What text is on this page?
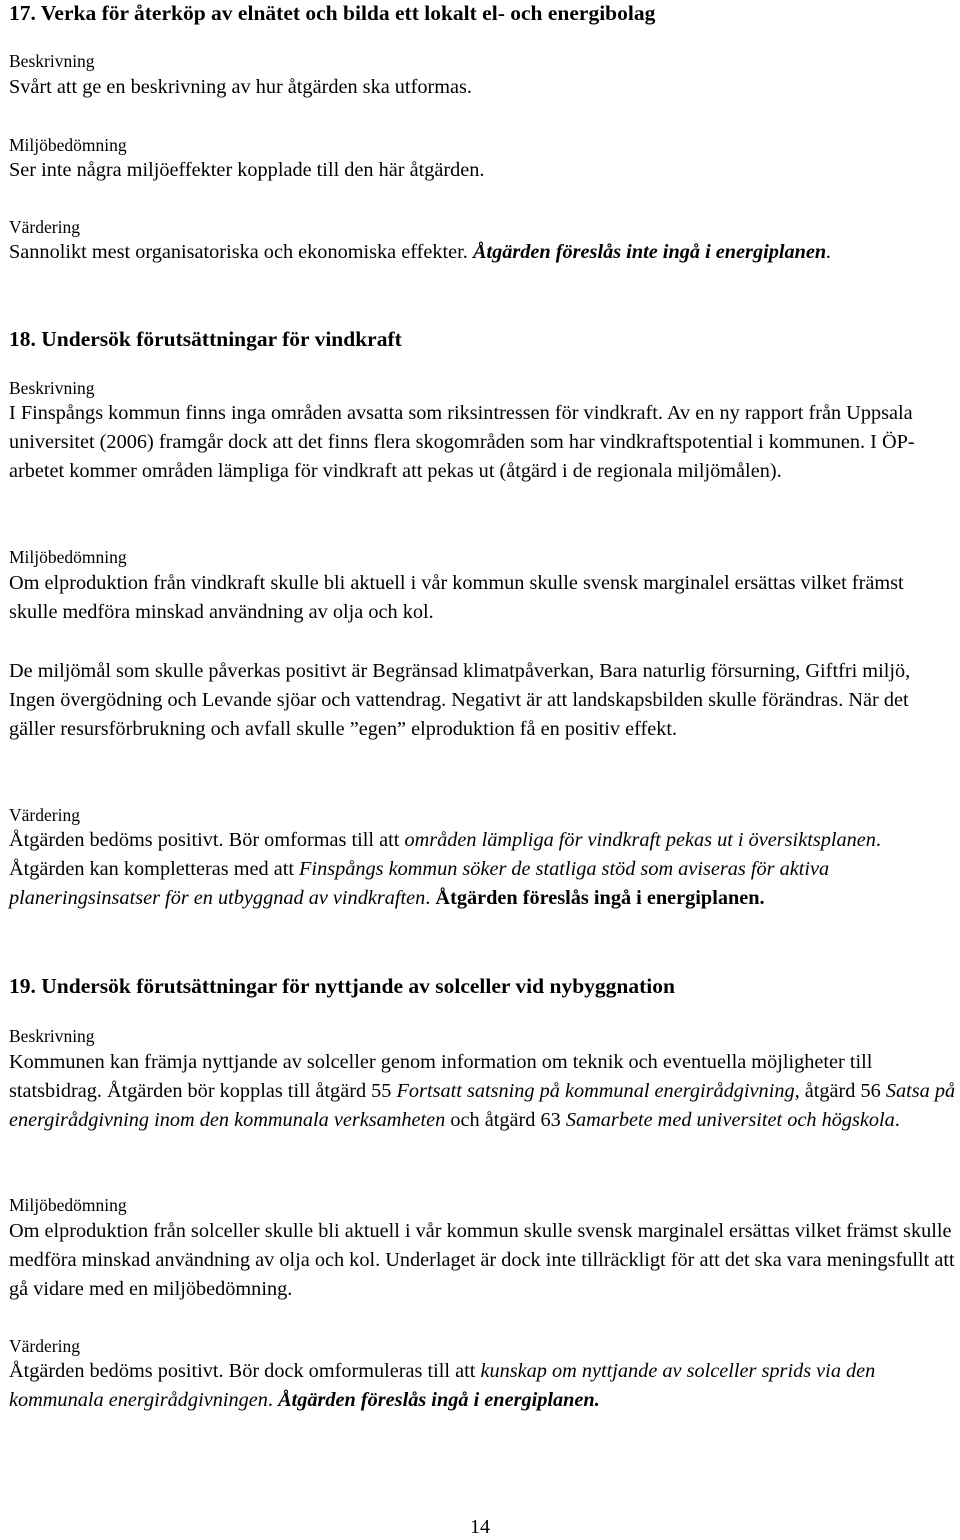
17. Verka för återköp av elnätet och bilda ett lokalt el- och energibolag
Beskrivning

Svårt att ge en beskrivning av hur åtgärden ska utformas.

Miljöbedömning

Ser inte några miljöeffekter kopplade till den här åtgärden.

Värdering

Sannolikt mest organisatoriska och ekonomiska effekter. Åtgärden föreslås inte ingå i energiplanen.

18. Undersök förutsättningar för vindkraft
Beskrivning

I Finspångs kommun finns inga områden avsatta som riksintressen för vindkraft. Av en ny rapport från Uppsala universitet (2006) framgår dock att det finns flera skogområden som har vindkraftspotential i kommunen. I ÖP-arbetet kommer områden lämpliga för vindkraft att pekas ut (åtgärd i de regionala miljömålen).

Miljöbedömning

Om elproduktion från vindkraft skulle bli aktuell i vår kommun skulle svensk marginalel ersättas vilket främst skulle medföra minskad användning av olja och kol.

De miljömål som skulle påverkas positivt är Begränsad klimatpåverkan, Bara naturlig försurning, Giftfri miljö, Ingen övergödning och Levande sjöar och vattendrag. Negativt är att landskapsbilden skulle förändras. När det gäller resursförbrukning och avfall skulle ”egen” elproduktion få en positiv effekt.

Värdering

Åtgärden bedöms positivt. Bör omformas till att områden lämpliga för vindkraft pekas ut i översiktsplanen. Åtgärden kan kompletteras med att Finspångs kommun söker de statliga stöd som aviseras för aktiva planeringsinsatser för en utbyggnad av vindkraften. Åtgärden föreslås ingå i energiplanen.

19. Undersök förutsättningar för nyttjande av solceller vid nybyggnation
Beskrivning

Kommunen kan främja nyttjande av solceller genom information om teknik och eventuella möjligheter till statsbidrag. Åtgärden bör kopplas till åtgärd 55 Fortsatt satsning på kommunal energirådgivning, åtgärd 56 Satsa på energirådgivning inom den kommunala verksamheten och åtgärd 63 Samarbete med universitet och högskola.

Miljöbedömning

Om elproduktion från solceller skulle bli aktuell i vår kommun skulle svensk marginalel ersättas vilket främst skulle medföra minskad användning av olja och kol. Underlaget är dock inte tillräckligt för att det ska vara meningsfullt att gå vidare med en miljöbedömning.

Värdering

Åtgärden bedöms positivt. Bör dock omformuleras till att kunskap om nyttjande av solceller sprids via den kommunala energirådgivningen. Åtgärden föreslås ingå i energiplanen.

14
